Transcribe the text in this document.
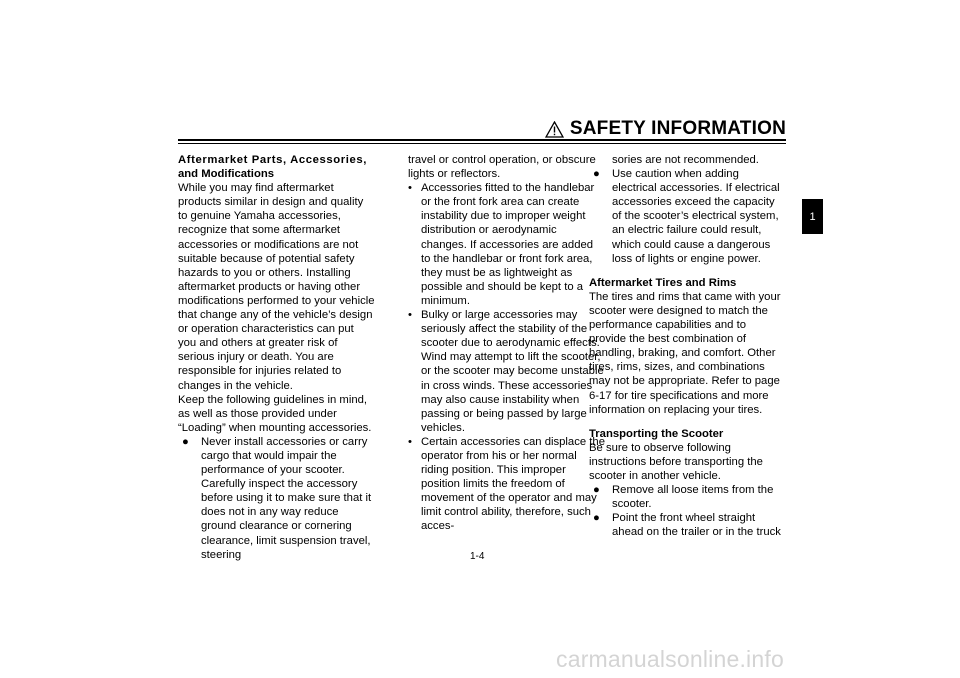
SAFETY INFORMATION
1

Aftermarket Parts, Accessories,

and Modifications

While you may find aftermarket products similar in design and quality to genuine Yamaha accessories, recognize that some aftermarket accessories or modifications are not suitable because of potential safety hazards to you or others. Installing aftermarket products or having other modifications performed to your vehicle that change any of the vehicle’s design or operation characteristics can put you and others at greater risk of serious injury or death. You are responsible for injuries related to changes in the vehicle.

Keep the following guidelines in mind, as well as those provided under “Loading” when mounting accessories.

● Never install accessories or carry cargo that would impair the performance of your scooter. Carefully inspect the accessory before using it to make sure that it does not in any way reduce ground clearance or cornering clearance, limit suspension travel, steering

travel or control operation, or obscure lights or reflectors.

• Accessories fitted to the handlebar or the front fork area can create instability due to improper weight distribution or aerodynamic changes. If accessories are added to the handlebar or front fork area, they must be as lightweight as possible and should be kept to a minimum.

• Bulky or large accessories may seriously affect the stability of the scooter due to aerodynamic effects. Wind may attempt to lift the scooter, or the scooter may become unstable in cross winds. These accessories may also cause instability when passing or being passed by large vehicles.

• Certain accessories can displace the operator from his or her normal riding position. This improper position limits the freedom of movement of the operator and may limit control ability, therefore, such acces-

sories are not recommended.

● Use caution when adding electrical accessories. If electrical accessories exceed the capacity of the scooter’s electrical system, an electric failure could result, which could cause a dangerous loss of lights or engine power.

Aftermarket Tires and Rims

The tires and rims that came with your scooter were designed to match the performance capabilities and to provide the best combination of handling, braking, and comfort. Other tires, rims, sizes, and combinations may not be appropriate. Refer to page 6-17 for tire specifications and more information on replacing your tires.

Transporting the Scooter

Be sure to observe following instructions before transporting the scooter in another vehicle.

● Remove all loose items from the scooter.

● Point the front wheel straight ahead on the trailer or in the truck

1-4
carmanualsonline.info
